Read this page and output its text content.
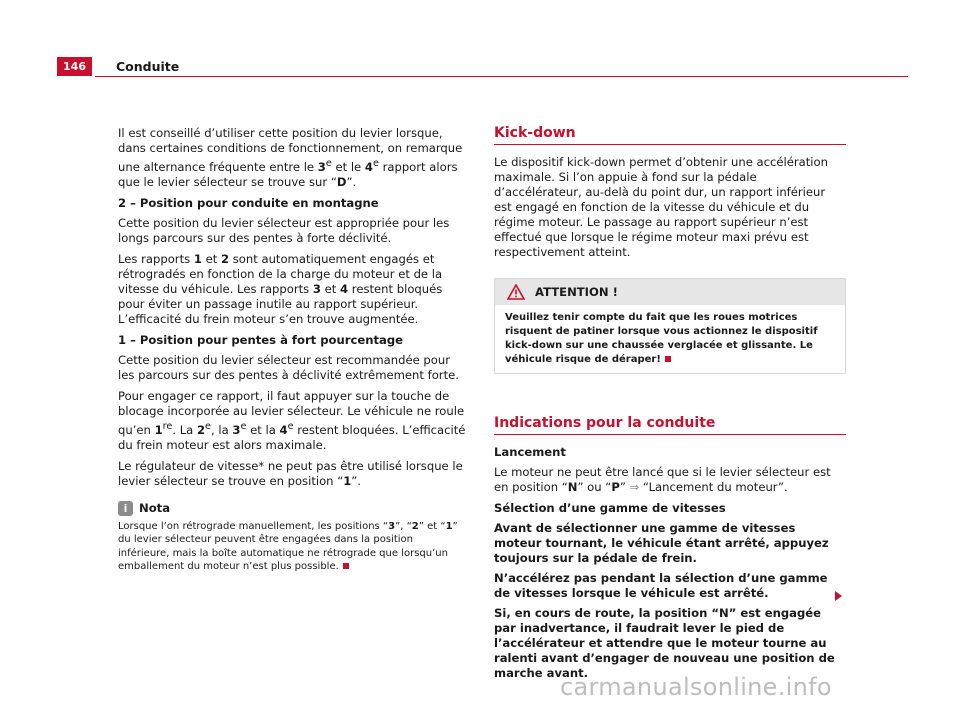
146	Conduite

Il est conseillé d’utiliser cette position du levier lorsque, dans certaines conditions de fonctionnement, on remarque une alternance fréquente entre le 3e et le 4e rapport alors que le levier sélecteur se trouve sur “D”.

2 – Position pour conduite en montagne

Cette position du levier sélecteur est appropriée pour les longs parcours sur des pentes à forte déclivité.

Les rapports 1 et 2 sont automatiquement engagés et rétrogradés en fonction de la charge du moteur et de la vitesse du véhicule. Les rapports 3 et 4 restent bloqués pour éviter un passage inutile au rapport supérieur. L’efficacité du frein moteur s’en trouve augmentée.

1 – Position pour pentes à fort pourcentage

Cette position du levier sélecteur est recommandée pour les parcours sur des pentes à déclivité extrêmement forte.

Pour engager ce rapport, il faut appuyer sur la touche de blocage incorporée au levier sélecteur. Le véhicule ne roule qu’en 1re. La 2e, la 3e et la 4e restent bloquées. L’efficacité du frein moteur est alors maximale.

Le régulateur de vitesse* ne peut pas être utilisé lorsque le levier sélecteur se trouve en position “1”.

i	Nota

Lorsque l’on rétrograde manuellement, les positions “3”, “2” et “1” du levier sélecteur peuvent être engagées dans la position inférieure, mais la boîte automatique ne rétrograde que lorsqu’un emballement du moteur n’est plus possible.

Kick-down

Le dispositif kick-down permet d’obtenir une accélération maximale. Si l’on appuie à fond sur la pédale d’accélérateur, au-delà du point dur, un rapport inférieur est engagé en fonction de la vitesse du véhicule et du régime moteur. Le passage au rapport supérieur n’est effectué que lorsque le régime moteur maxi prévu est respectivement atteint.

ATTENTION !
Veuillez tenir compte du fait que les roues motrices risquent de patiner lorsque vous actionnez le dispositif kick-down sur une chaussée verglacée et glissante. Le véhicule risque de déraper!
Indications pour la conduite
Lancement

Le moteur ne peut être lancé que si le levier sélecteur est en position “N” ou “P” ⇒ “Lancement du moteur”.

Sélection d’une gamme de vitesses
Avant de sélectionner une gamme de vitesses moteur tournant, le véhicule étant arrêté, appuyez toujours sur la pédale de frein.
N’accélérez pas pendant la sélection d’une gamme de vitesses lorsque le véhicule est arrêté.
Si, en cours de route, la position “N” est engagée par inadvertance, il faudrait lever le pied de l’accélérateur et attendre que le moteur tourne au ralenti avant d’engager de nouveau une position de marche avant.
carmanualsonline.info
